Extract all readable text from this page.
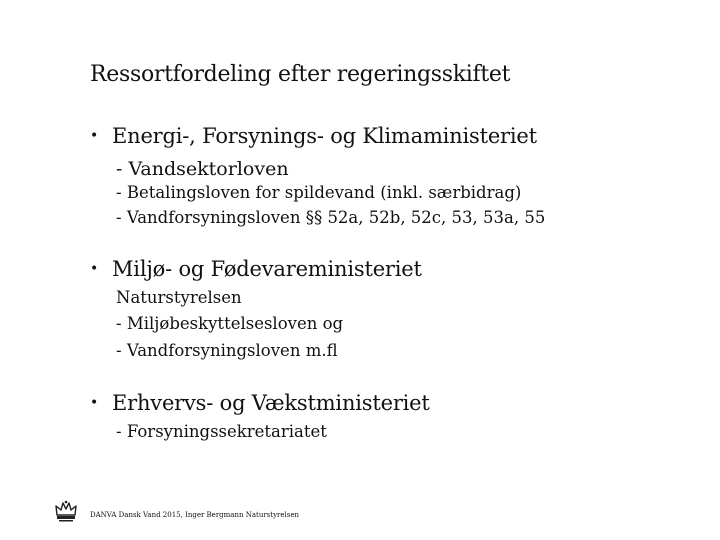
Ressortfordeling efter regeringsskiftet
• Energi-, Forsynings- og Klimaministeriet
- Vandsektorloven
- Betalingsloven for spildevand (inkl. særbidrag)
- Vandforsyningsloven §§ 52a, 52b, 52c, 53, 53a, 55
• Miljø- og Fødevareministeriet
Naturstyrelsen
- Miljøbeskyttelsesloven og
- Vandforsyningsloven m.fl
• Erhvervs- og Vækstministeriet
- Forsyningssekretariatet
DANVA Dansk Vand 2015, Inger Bergmann Naturstyrelsen
